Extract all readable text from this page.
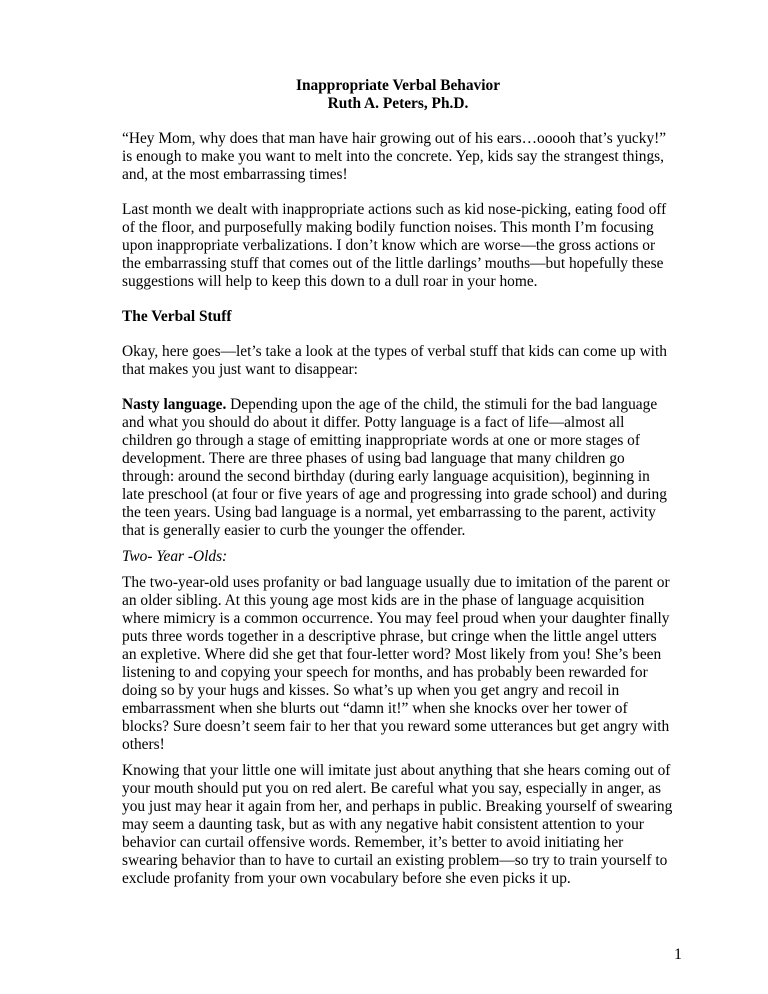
Inappropriate Verbal Behavior
Ruth A. Peters, Ph.D.

“Hey Mom, why does that man have hair growing out of his ears…ooooh that’s yucky!” is enough to make you want to melt into the concrete. Yep, kids say the strangest things, and, at the most embarrassing times!

Last month we dealt with inappropriate actions such as kid nose-picking, eating food off of the floor, and purposefully making bodily function noises. This month I’m focusing upon inappropriate verbalizations. I don’t know which are worse—the gross actions or the embarrassing stuff that comes out of the little darlings’ mouths—but hopefully these suggestions will help to keep this down to a dull roar in your home.

The Verbal Stuff

Okay, here goes—let’s take a look at the types of verbal stuff that kids can come up with that makes you just want to disappear:

Nasty language. Depending upon the age of the child, the stimuli for the bad language and what you should do about it differ. Potty language is a fact of life—almost all children go through a stage of emitting inappropriate words at one or more stages of development. There are three phases of using bad language that many children go through: around the second birthday (during early language acquisition), beginning in late preschool (at four or five years of age and progressing into grade school) and during the teen years. Using bad language is a normal, yet embarrassing to the parent, activity that is generally easier to curb the younger the offender.

Two- Year -Olds:

The two-year-old uses profanity or bad language usually due to imitation of the parent or an older sibling. At this young age most kids are in the phase of language acquisition where mimicry is a common occurrence. You may feel proud when your daughter finally puts three words together in a descriptive phrase, but cringe when the little angel utters an expletive. Where did she get that four-letter word? Most likely from you! She’s been listening to and copying your speech for months, and has probably been rewarded for doing so by your hugs and kisses. So what’s up when you get angry and recoil in embarrassment when she blurts out “damn it!” when she knocks over her tower of blocks? Sure doesn’t seem fair to her that you reward some utterances but get angry with others!

Knowing that your little one will imitate just about anything that she hears coming out of your mouth should put you on red alert. Be careful what you say, especially in anger, as you just may hear it again from her, and perhaps in public. Breaking yourself of swearing may seem a daunting task, but as with any negative habit consistent attention to your behavior can curtail offensive words. Remember, it’s better to avoid initiating her swearing behavior than to have to curtail an existing problem—so try to train yourself to exclude profanity from your own vocabulary before she even picks it up.

1
